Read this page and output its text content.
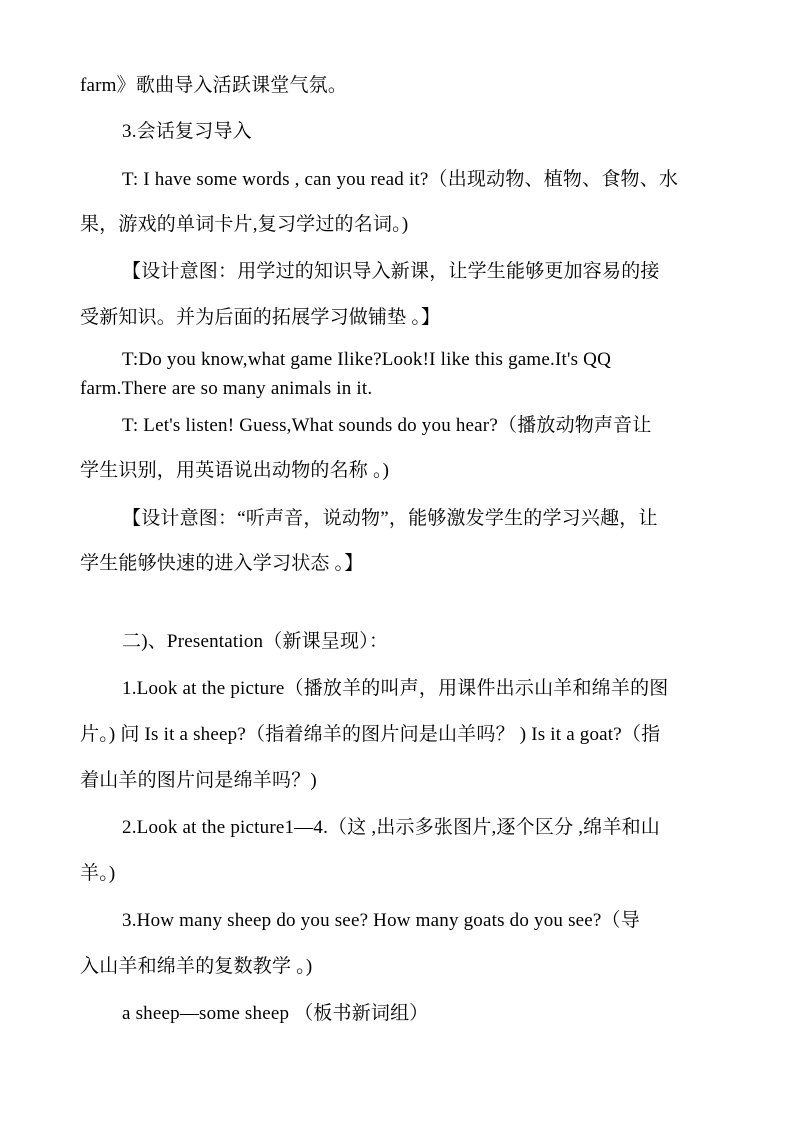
farm》歌曲导入活跃课堂气氛。
3.会话复习导入
T: I have some words , can you read it?（出现动物、植物、食物、水
果，游戏的单词卡片,复习学过的名词。)
【设计意图：用学过的知识导入新课，让学生能够更加容易的接
受新知识。并为后面的拓展学习做铺垫 。】
T:Do you know,what game Ilike?Look!I like this game.It's QQ
farm.There are so many animals in it.
T: Let's listen! Guess,What sounds do you hear?（播放动物声音让
学生识别，用英语说出动物的名称 。)
【设计意图：“听声音，说动物”，能够激发学生的学习兴趣，让
学生能够快速的进入学习状态 。】
二)、Presentation（新课呈现）：
1.Look at the picture（播放羊的叫声，用课件出示山羊和绵羊的图
片。) 问 Is it a sheep?（指着绵羊的图片问是山羊吗？ ) Is it a goat?（指
着山羊的图片问是绵羊吗？)
2.Look at the picture1—4.（这 ,出示多张图片,逐个区分 ,绵羊和山
羊。)
3.How many sheep do you see? How many goats do you see?（导
入山羊和绵羊的复数教学 。)
a sheep—some sheep （板书新词组）
